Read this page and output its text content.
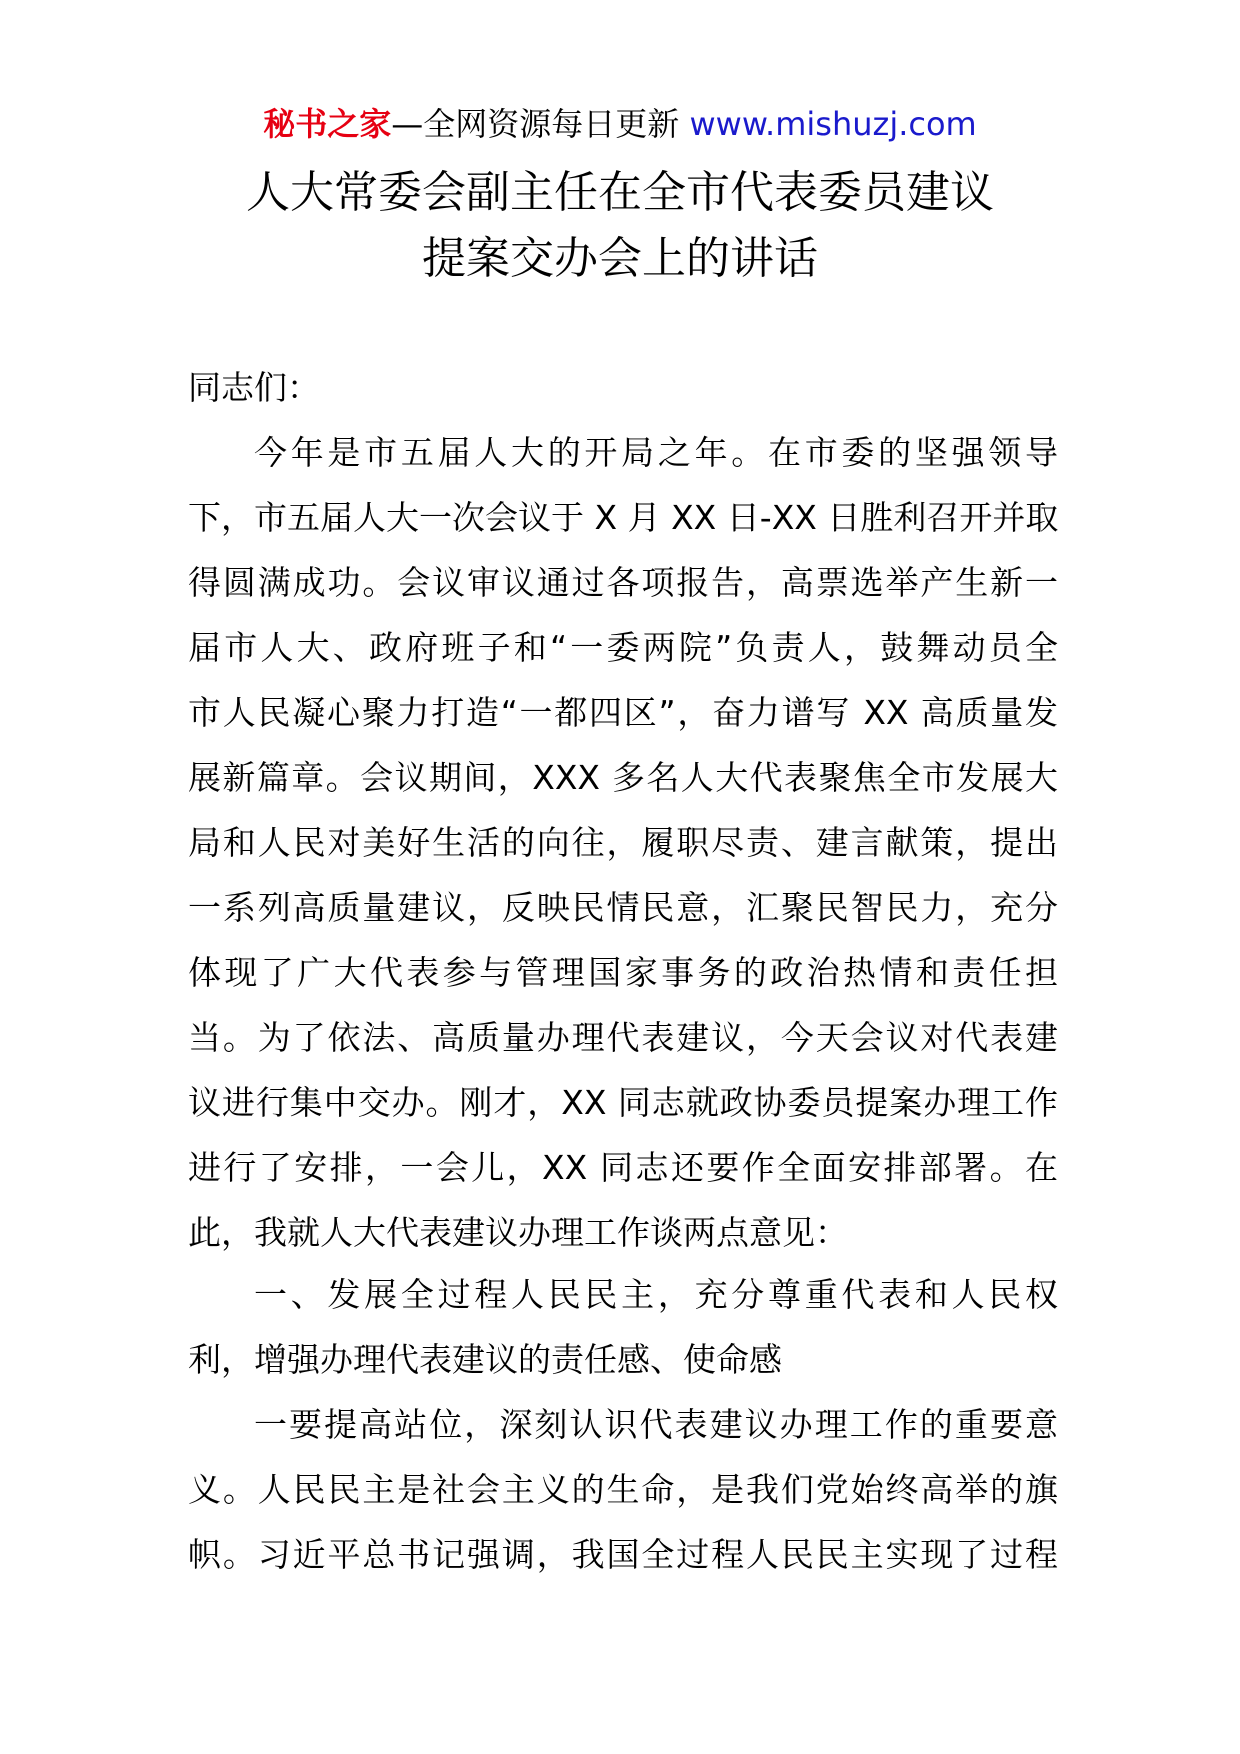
秘书之家—全网资源每日更新 www.mishuzj.com
人大常委会副主任在全市代表委员建议
提案交办会上的讲话
同志们：
今年是市五届人大的开局之年。在市委的坚强领导
下，市五届人大一次会议于 X 月 XX 日-XX 日胜利召开并取
得圆满成功。会议审议通过各项报告，高票选举产生新一
届市人大、政府班子和“一委两院”负责人，鼓舞动员全
市人民凝心聚力打造“一都四区”，奋力谱写 XX 高质量发
展新篇章。会议期间，XXX 多名人大代表聚焦全市发展大
局和人民对美好生活的向往，履职尽责、建言献策，提出
一系列高质量建议，反映民情民意，汇聚民智民力，充分
体现了广大代表参与管理国家事务的政治热情和责任担
当。为了依法、高质量办理代表建议，今天会议对代表建
议进行集中交办。刚才，XX 同志就政协委员提案办理工作
进行了安排，一会儿，XX 同志还要作全面安排部署。在
此，我就人大代表建议办理工作谈两点意见：
一、发展全过程人民民主，充分尊重代表和人民权
利，增强办理代表建议的责任感、使命感
一要提高站位，深刻认识代表建议办理工作的重要意
义。人民民主是社会主义的生命，是我们党始终高举的旗
帜。习近平总书记强调，我国全过程人民民主实现了过程
